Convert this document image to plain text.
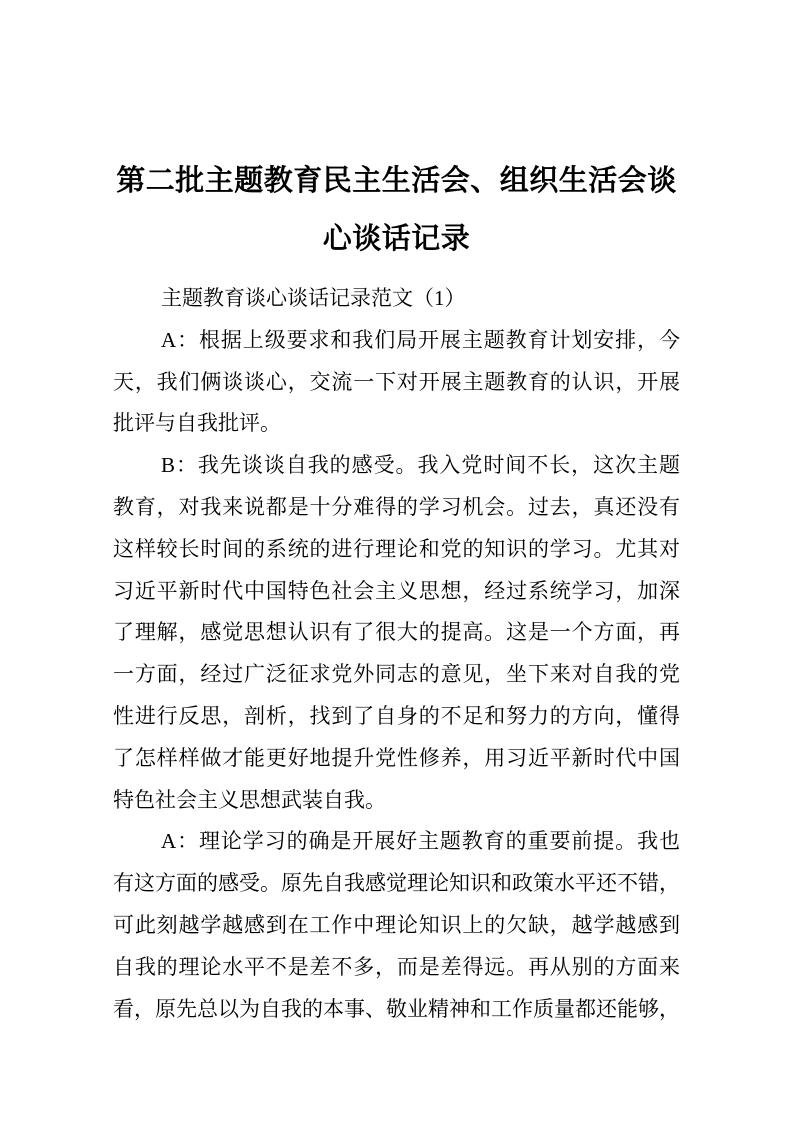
第二批主题教育民主生活会、组织生活会谈
心谈话记录

主题教育谈心谈话记录范文（1）

A：根据上级要求和我们局开展主题教育计划安排，今
天，我们俩谈谈心，交流一下对开展主题教育的认识，开展
批评与自我批评。

B：我先谈谈自我的感受。我入党时间不长，这次主题
教育，对我来说都是十分难得的学习机会。过去，真还没有
这样较长时间的系统的进行理论和党的知识的学习。尤其对
习近平新时代中国特色社会主义思想，经过系统学习，加深
了理解，感觉思想认识有了很大的提高。这是一个方面，再
一方面，经过广泛征求党外同志的意见，坐下来对自我的党
性进行反思，剖析，找到了自身的不足和努力的方向，懂得
了怎样样做才能更好地提升党性修养，用习近平新时代中国
特色社会主义思想武装自我。

A：理论学习的确是开展好主题教育的重要前提。我也
有这方面的感受。原先自我感觉理论知识和政策水平还不错，
可此刻越学越感到在工作中理论知识上的欠缺，越学越感到
自我的理论水平不是差不多，而是差得远。再从别的方面来
看，原先总以为自我的本事、敬业精神和工作质量都还能够，
